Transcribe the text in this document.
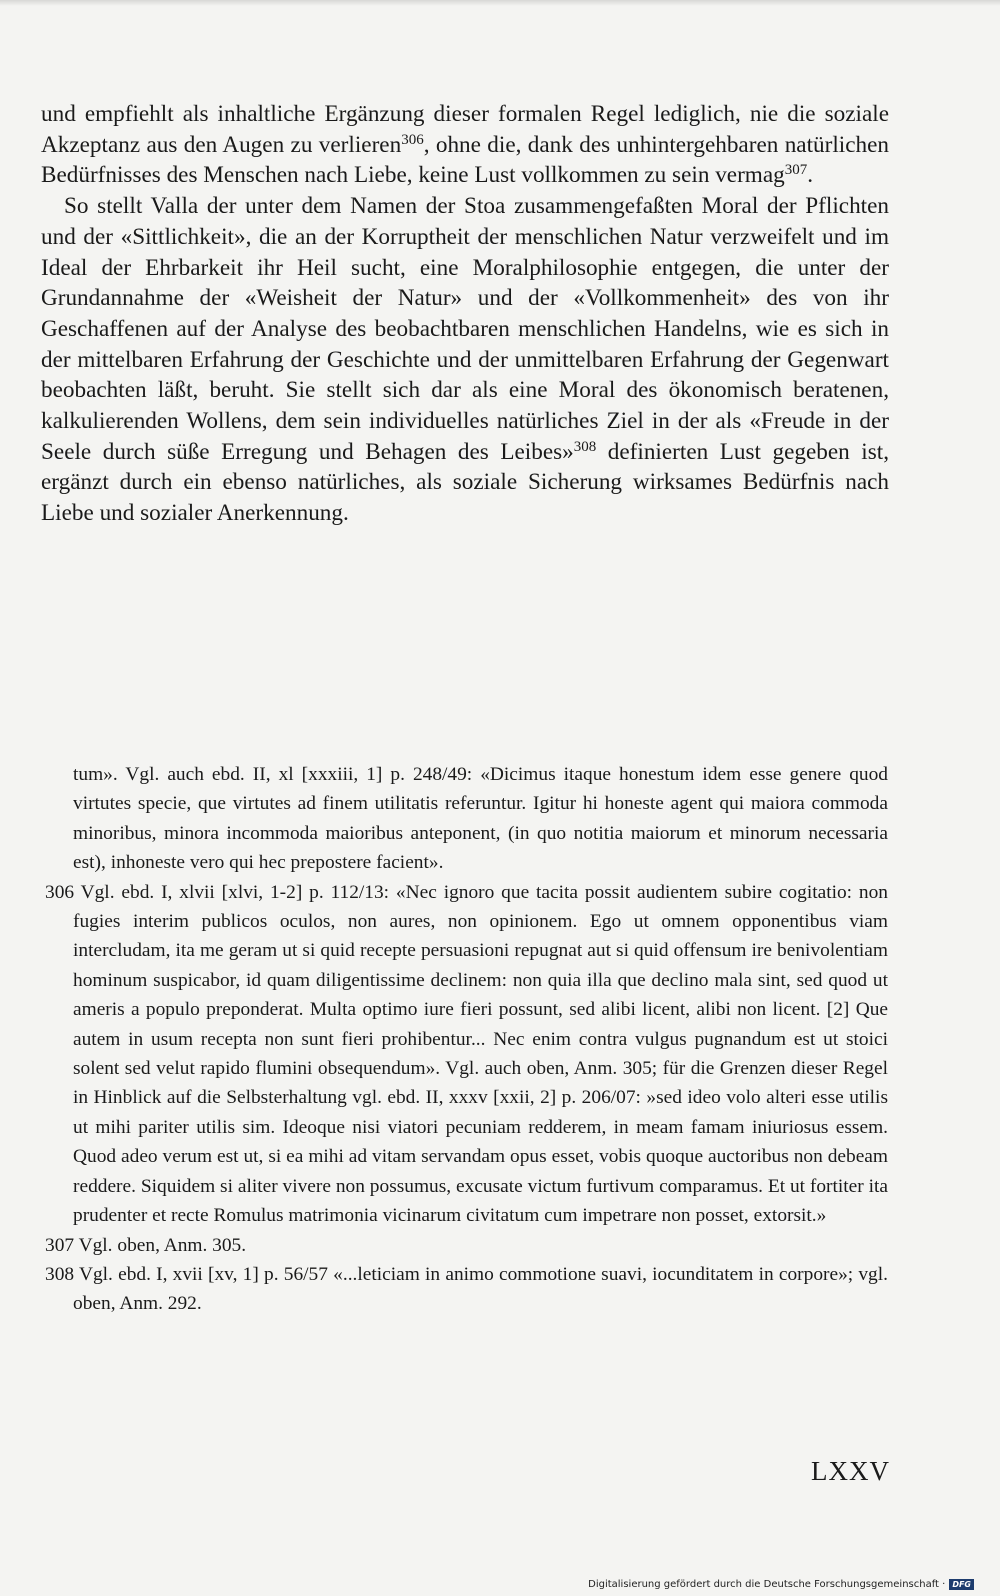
und empfiehlt als inhaltliche Ergänzung dieser formalen Regel lediglich, nie die soziale Akzeptanz aus den Augen zu verlieren$^{306}$, ohne die, dank des unhintergehbaren natürlichen Bedürfnisses des Menschen nach Liebe, keine Lust vollkommen zu sein vermag$^{307}$.

So stellt Valla der unter dem Namen der Stoa zusammengefaßten Moral der Pflichten und der «Sittlichkeit», die an der Korruptheit der menschlichen Natur verzweifelt und im Ideal der Ehrbarkeit ihr Heil sucht, eine Moralphilosophie entgegen, die unter der Grundannahme der «Weisheit der Natur» und der «Vollkommenheit» des von ihr Geschaffenen auf der Analyse des beobachtbaren menschlichen Handelns, wie es sich in der mittelbaren Erfahrung der Geschichte und der unmittelbaren Erfahrung der Gegenwart beobachten läßt, beruht. Sie stellt sich dar als eine Moral des ökonomisch beratenen, kalkulierenden Wollens, dem sein individuelles natürliches Ziel in der als «Freude in der Seele durch süße Erregung und Behagen des Leibes»$^{308}$ definierten Lust gegeben ist, ergänzt durch ein ebenso natürliches, als soziale Sicherung wirksames Bedürfnis nach Liebe und sozialer Anerkennung.

tum». Vgl. auch ebd. II, xl [xxxiii, 1] p. 248/49: «Dicimus itaque honestum idem esse genere quod virtutes specie, que virtutes ad finem utilitatis referuntur. Igitur hi honeste agent qui maiora commoda minoribus, minora incommoda maioribus anteponent, (in quo notitia maiorum et minorum necessaria est), inhoneste vero qui hec prepostere facient».

306 Vgl. ebd. I, xlvii [xlvi, 1-2] p. 112/13: «Nec ignoro que tacita possit audientem subire cogitatio: non fugies interim publicos oculos, non aures, non opinionem. Ego ut omnem opponentibus viam intercludam, ita me geram ut si quid recepte persuasioni repugnat aut si quid offensum ire benivolentiam hominum suspicabor, id quam diligentissime declinem: non quia illa que declino mala sint, sed quod ut ameris a populo preponderat. Multa optimo iure fieri possunt, sed alibi licent, alibi non licent. [2] Que autem in usum recepta non sunt fieri prohibentur... Nec enim contra vulgus pugnandum est ut stoici solent sed velut rapido flumini obsequendum». Vgl. auch oben, Anm. 305; für die Grenzen dieser Regel in Hinblick auf die Selbsterhaltung vgl. ebd. II, xxxv [xxii, 2] p. 206/07: »sed ideo volo alteri esse utilis ut mihi pariter utilis sim. Ideoque nisi viatori pecuniam redderem, in meam famam iniuriosus essem. Quod adeo verum est ut, si ea mihi ad vitam servandam opus esset, vobis quoque auctoribus non debeam reddere. Siquidem si aliter vivere non possumus, excusate victum furtivum comparamus. Et ut fortiter ita prudenter et recte Romulus matrimonia vicinarum civitatum cum impetrare non posset, extorsit.»

307 Vgl. oben, Anm. 305.

308 Vgl. ebd. I, xvii [xv, 1] p. 56/57 «...leticiam in animo commotione suavi, iocunditatem in corpore»; vgl. oben, Anm. 292.

LXXV
Digitalisierung gefördert durch die Deutsche Forschungsgemeinschaft · DFG
